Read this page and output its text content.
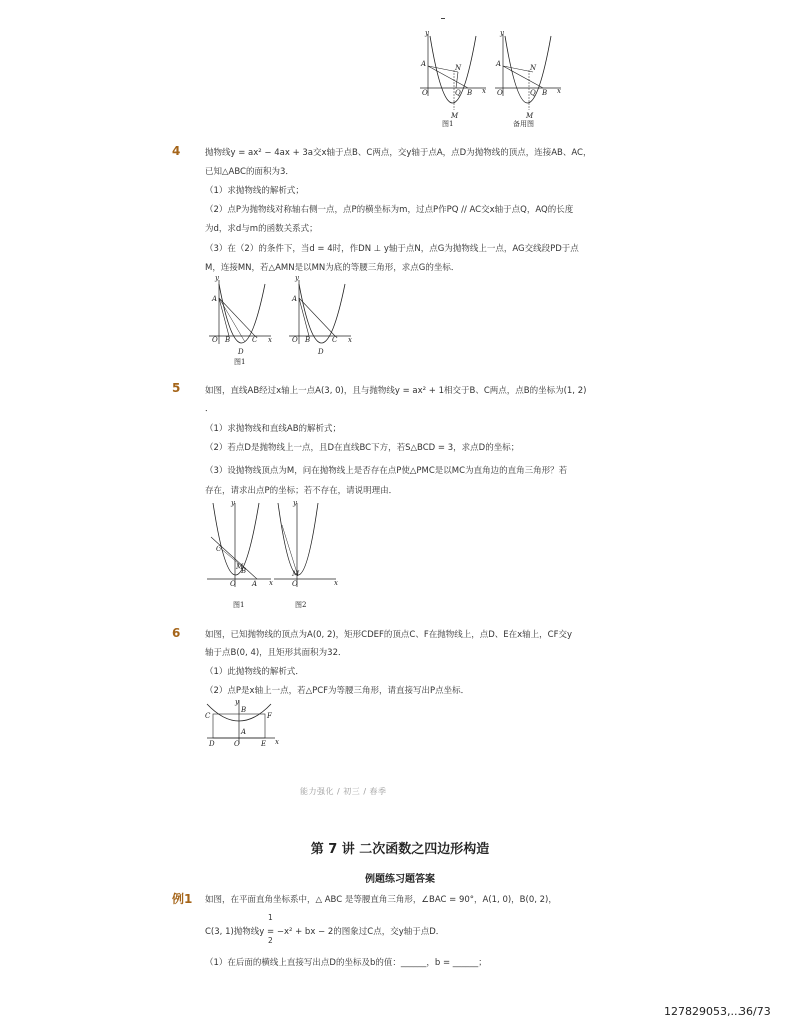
y
A	N
O	Q B x
M
图1
y
A	N
O	Q B x
M
备用图
4	抛物线y = ax² − 4ax + 3a交x轴于点B、C两点，交y轴于点A，点D为抛物线的顶点，连接AB、AC，
已知△ABC的面积为3．
（1）求抛物线的解析式；
（2）点P为抛物线对称轴右侧一点，点P的横坐标为m，过点P作PQ // AC交x轴于点Q，AQ的长度
为d，求d与m的函数关系式；
（3）在（2）的条件下，当d = 4时，作DN ⊥ y轴于点N，点G为抛物线上一点，AG交线段PD于点
M，连接MN，若△AMN是以MN为底的等腰三角形，求点G的坐标．
y
A
O B	C x
D
图1
y
A
O B	C x
D
5	如图，直线AB经过x轴上一点A(3, 0)，且与抛物线y = ax² + 1相交于B、C两点，点B的坐标为(1, 2)
．
（1）求抛物线和直线AB的解析式；
（2）若点D是抛物线上一点，且D在直线BC下方，若S△BCD = 3，求点D的坐标；
（3）设抛物线顶点为M，问在抛物线上是否存在点P使△PMC是以MC为直角边的直角三角形？若
存在，请求出点P的坐标；若不存在，请说明理由．
y
C
B
M
O A x
图1
y
M
O	x
图2
6	如图，已知抛物线的顶点为A(0, 2)，矩形CDEF的顶点C、F在抛物线上，点D、E在x轴上，CF交y
轴于点B(0, 4)，且矩形其面积为32．
（1）此抛物线的解析式．
（2）点P是x轴上一点，若△PCF为等腰三角形，请直接写出P点坐标．
y
B
C	F
A
D	O	E x
能力强化 / 初三 / 春季
第 7 讲 二次函数之四边形构造
例题练习题答案
例1 如图，在平面直角坐标系中，△ ABC 是等腰直角三角形，∠BAC = 90°，A(1, 0)，B(0, 2)，
1
C(3, 1)抛物线y = −x² + bx − 2的图象过C点，交y轴于点D．
2
（1）在后面的横线上直接写出点D的坐标及b的值：______，b = ______；
127829053,...
36/73
